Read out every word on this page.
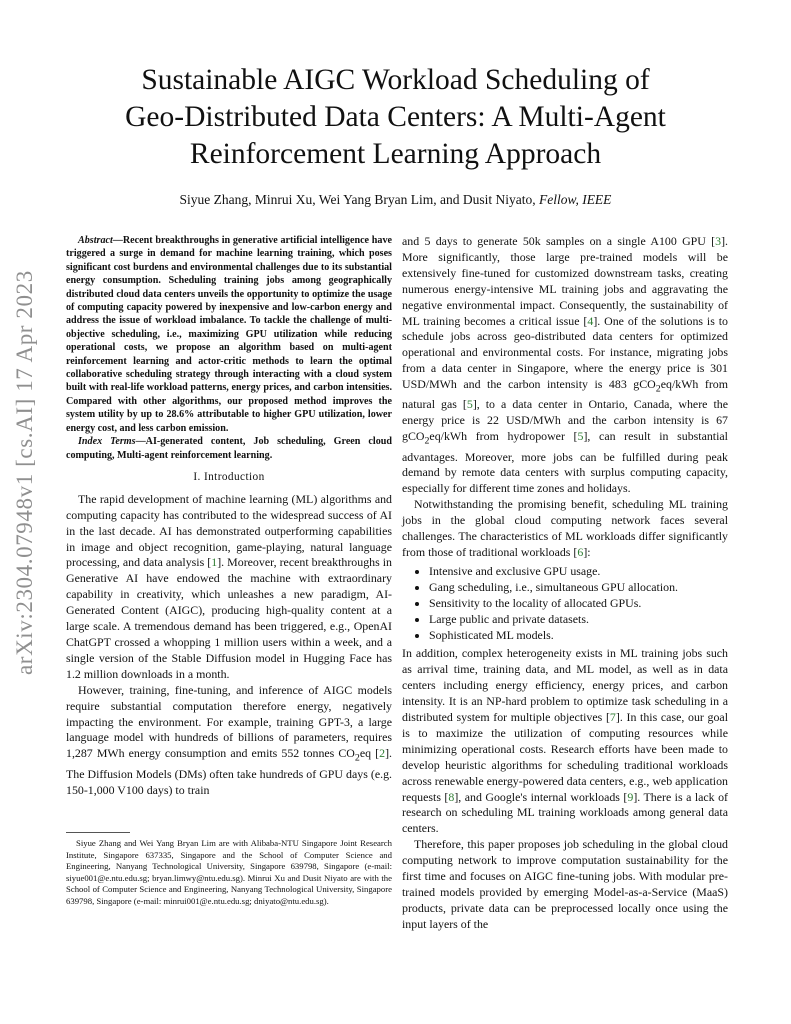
arXiv:2304.07948v1 [cs.AI] 17 Apr 2023
Sustainable AIGC Workload Scheduling of
Geo-Distributed Data Centers: A Multi-Agent
Reinforcement Learning Approach
Siyue Zhang, Minrui Xu, Wei Yang Bryan Lim, and Dusit Niyato, Fellow, IEEE

Abstract—Recent breakthroughs in generative artificial intelligence have triggered a surge in demand for machine learning training, which poses significant cost burdens and environmental challenges due to its substantial energy consumption. Scheduling training jobs among geographically distributed cloud data centers unveils the opportunity to optimize the usage of computing capacity powered by inexpensive and low-carbon energy and address the issue of workload imbalance. To tackle the challenge of multi-objective scheduling, i.e., maximizing GPU utilization while reducing operational costs, we propose an algorithm based on multi-agent reinforcement learning and actor-critic methods to learn the optimal collaborative scheduling strategy through interacting with a cloud system built with real-life workload patterns, energy prices, and carbon intensities. Compared with other algorithms, our proposed method improves the system utility by up to 28.6% attributable to higher GPU utilization, lower energy cost, and less carbon emission.

Index Terms—AI-generated content, Job scheduling, Green cloud computing, Multi-agent reinforcement learning.

I. Introduction

The rapid development of machine learning (ML) algorithms and computing capacity has contributed to the widespread success of AI in the last decade. AI has demonstrated outperforming capabilities in image and object recognition, game-playing, natural language processing, and data analysis [1]. Moreover, recent breakthroughs in Generative AI have endowed the machine with extraordinary capability in creativity, which unleashes a new paradigm, AI-Generated Content (AIGC), producing high-quality content at a large scale. A tremendous demand has been triggered, e.g., OpenAI ChatGPT crossed a whopping 1 million users within a week, and a single version of the Stable Diffusion model in Hugging Face has 1.2 million downloads in a month.

However, training, fine-tuning, and inference of AIGC models require substantial computation therefore energy, negatively impacting the environment. For example, training GPT-3, a large language model with hundreds of billions of parameters, requires 1,287 MWh energy consumption and emits 552 tonnes $CO_2eq$ [2]. The Diffusion Models (DMs) often take hundreds of GPU days (e.g. 150-1,000 V100 days) to train

Siyue Zhang and Wei Yang Bryan Lim are with Alibaba-NTU Singapore Joint Research Institute, Singapore 637335, Singapore and the School of Computer Science and Engineering, Nanyang Technological University, Singapore 639798, Singapore (e-mail: siyue001@e.ntu.edu.sg; bryan.limwy@ntu.edu.sg). Minrui Xu and Dusit Niyato are with the School of Computer Science and Engineering, Nanyang Technological University, Singapore 639798, Singapore (e-mail: minrui001@e.ntu.edu.sg; dniyato@ntu.edu.sg).

and 5 days to generate 50k samples on a single A100 GPU [3]. More significantly, those large pre-trained models will be extensively fine-tuned for customized downstream tasks, creating numerous energy-intensive ML training jobs and aggravating the negative environmental impact. Consequently, the sustainability of ML training becomes a critical issue [4]. One of the solutions is to schedule jobs across geo-distributed data centers for optimized operational and environmental costs. For instance, migrating jobs from a data center in Singapore, where the energy price is 301 USD/MWh and the carbon intensity is 483 gCO$_2$eq/kWh from natural gas [5], to a data center in Ontario, Canada, where the energy price is 22 USD/MWh and the carbon intensity is 67 gCO$_2$eq/kWh from hydropower [5], can result in substantial advantages. Moreover, more jobs can be fulfilled during peak demand by remote data centers with surplus computing capacity, especially for different time zones and holidays.

Notwithstanding the promising benefit, scheduling ML training jobs in the global cloud computing network faces several challenges. The characteristics of ML workloads differ significantly from those of traditional workloads [6]:

• Intensive and exclusive GPU usage.
• Gang scheduling, i.e., simultaneous GPU allocation.
• Sensitivity to the locality of allocated GPUs.
• Large public and private datasets.
• Sophisticated ML models.

In addition, complex heterogeneity exists in ML training jobs such as arrival time, training data, and ML model, as well as in data centers including energy efficiency, energy prices, and carbon intensity. It is an NP-hard problem to optimize task scheduling in a distributed system for multiple objectives [7]. In this case, our goal is to maximize the utilization of computing resources while minimizing operational costs. Research efforts have been made to develop heuristic algorithms for scheduling traditional workloads across renewable energy-powered data centers, e.g., web application requests [8], and Google's internal workloads [9]. There is a lack of research on scheduling ML training workloads among general data centers.

Therefore, this paper proposes job scheduling in the global cloud computing network to improve computation sustainability for the first time and focuses on AIGC fine-tuning jobs. With modular pre-trained models provided by emerging Model-as-a-Service (MaaS) products, private data can be preprocessed locally once using the input layers of the
